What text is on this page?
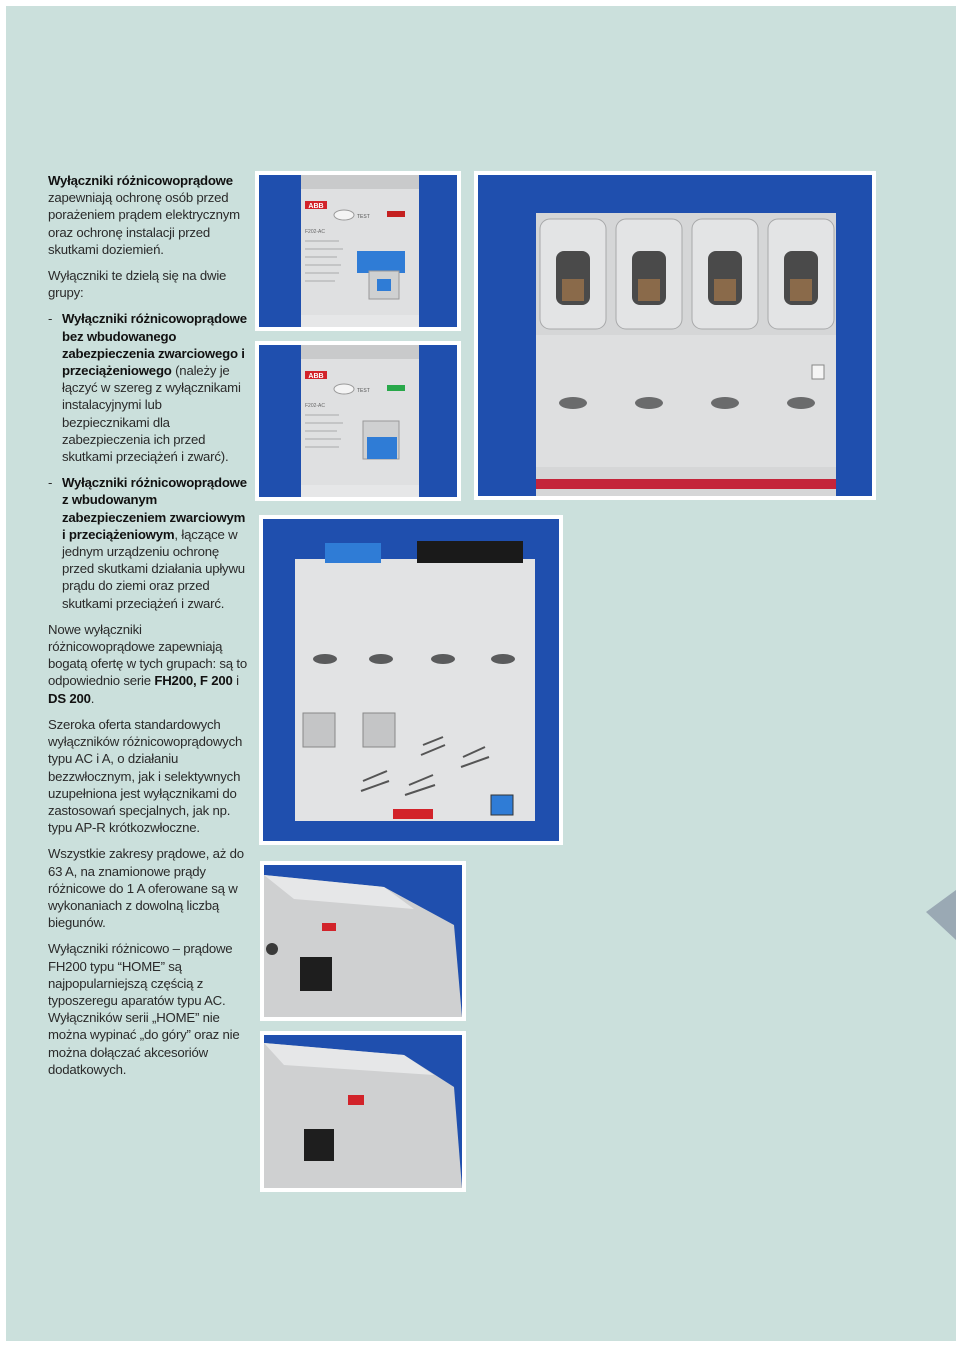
Wyłączniki różnicowoprądowe zapewniają ochronę osób przed porażeniem prądem elektrycznym oraz ochronę instalacji przed skutkami doziemień.

Wyłączniki te dzielą się na dwie grupy:

- Wyłączniki różnicowoprądowe bez wbudowanego zabezpieczenia zwarciowego i przeciążeniowego (należy je łączyć w szereg z wyłącznikami instalacyjnymi lub bezpiecznikami dla zabezpieczenia ich przed skutkami przeciążeń i zwarć).
- Wyłączniki różnicowoprądowe z wbudowanym zabezpieczeniem zwarciowym i przeciążeniowym, łączące w jednym urządzeniu ochronę przed skutkami działania upływu prądu do ziemi oraz przed skutkami przeciążeń i zwarć.

Nowe wyłączniki różnicowoprądowe zapewniają bogatą ofertę w tych grupach: są to odpowiednio serie FH200, F 200 i DS 200.

Szeroka oferta standardowych wyłączników różnicowoprądowych typu AC i A, o działaniu bezzwłocznym, jak i selektywnych uzupełniona jest wyłącznikami do zastosowań specjalnych, jak np. typu AP-R krótkozwłoczne.

Wszystkie zakresy prądowe, aż do 63 A, na znamionowe prądy różnicowe do 1 A oferowane są w wykonaniach z dowolną liczbą biegunów.

Wyłączniki różnicowo – prądowe FH200 typu “HOME” są najpopularniejszą częścią z typoszeregu aparatów typu AC. Wyłączników serii „HOME” nie można wypinać „do góry” oraz nie można dołączać akcesoriów dodatkowych.

ABB
TEST
F202-AC
ABB
TEST
F202-AC
